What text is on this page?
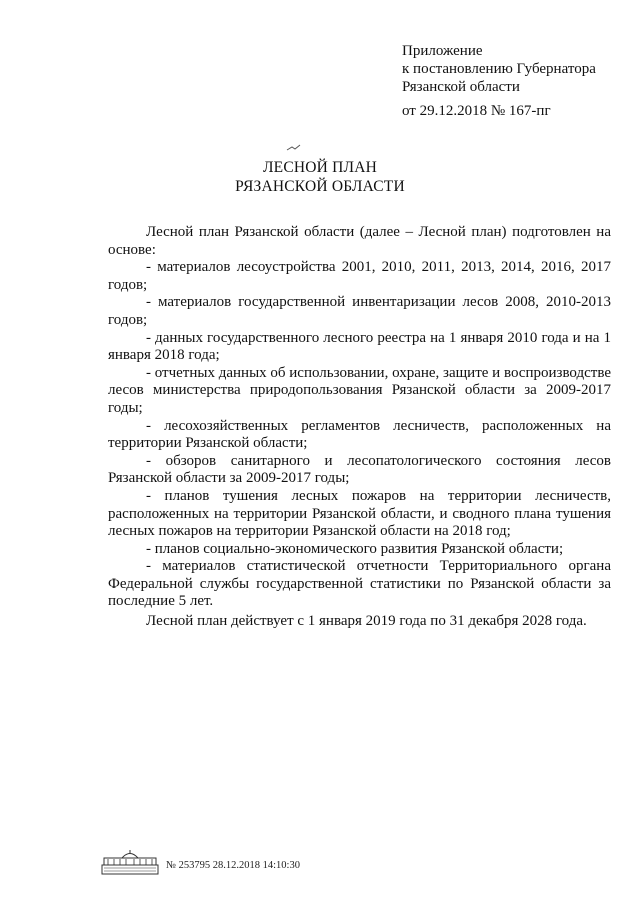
Приложение
к постановлению Губернатора
Рязанской области
от 29.12.2018 № 167-пг
ЛЕСНОЙ ПЛАН
РЯЗАНСКОЙ ОБЛАСТИ

Лесной план Рязанской области (далее – Лесной план) подготовлен на основе:

- материалов лесоустройства 2001, 2010, 2011, 2013, 2014, 2016, 2017 годов;

- материалов государственной инвентаризации лесов 2008, 2010-2013 годов;

- данных государственного лесного реестра на 1 января 2010 года и на 1 января 2018 года;

- отчетных данных об использовании, охране, защите и воспроизводстве лесов министерства природопользования Рязанской области за 2009-2017 годы;

- лесохозяйственных регламентов лесничеств, расположенных на территории Рязанской области;

- обзоров санитарного и лесопатологического состояния лесов Рязанской области за 2009-2017 годы;

- планов тушения лесных пожаров на территории лесничеств, расположенных на территории Рязанской области, и сводного плана тушения лесных пожаров на территории Рязанской области на 2018 год;

- планов социально-экономического развития Рязанской области;

- материалов статистической отчетности Территориального органа Федеральной службы государственной статистики по Рязанской области за последние 5 лет.

Лесной план действует с 1 января 2019 года по 31 декабря 2028 года.

№ 253795 28.12.2018 14:10:30
